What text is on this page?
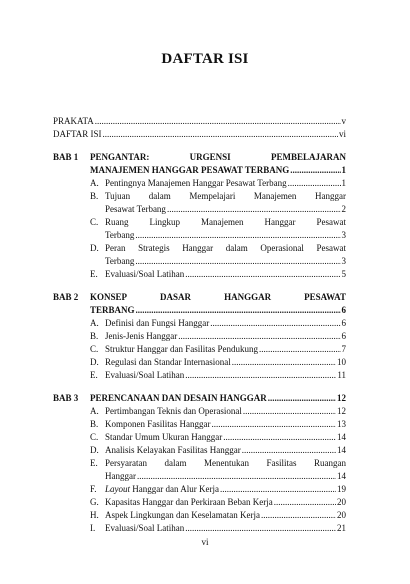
DAFTAR ISI
PRAKATA .....	v
DAFTAR ISI .....	vi
BAB 1	PENGANTAR:	URGENSI	PEMBELAJARAN
MANAJEMEN HANGGAR PESAWAT TERBANG .....	1
A. Pentingnya Manajemen Hanggar Pesawat Terbang .....	1
B. Tujuan dalam Mempelajari Manajemen Hanggar
Pesawat Terbang .....	2
C. Ruang Lingkup Manajemen Hanggar Pesawat
Terbang .....	3
D. Peran Strategis Hanggar dalam Operasional Pesawat
Terbang .....	3
E. Evaluasi/Soal Latihan .....	5
BAB 2	KONSEP	DASAR	HANGGAR	PESAWAT
TERBANG .....	6
A. Definisi dan Fungsi Hanggar .....	6
B. Jenis-Jenis Hanggar .....	6
C. Struktur Hanggar dan Fasilitas Pendukung .....	7
D. Regulasi dan Standar Internasional .....	10
E. Evaluasi/Soal Latihan .....	11
BAB 3	PERENCANAAN DAN DESAIN HANGGAR .....	12
A. Pertimbangan Teknis dan Operasional .....	12
B. Komponen Fasilitas Hanggar .....	13
C. Standar Umum Ukuran Hanggar .....	14
D. Analisis Kelayakan Fasilitas Hanggar .....	14
E. Persyaratan dalam Menentukan Fasilitas Ruangan
Hanggar .....	14
F. Layout Hanggar dan Alur Kerja .....	19
G. Kapasitas Hanggar dan Perkiraan Beban Kerja .....	20
H. Aspek Lingkungan dan Keselamatan Kerja .....	20
I.	Evaluasi/Soal Latihan .....	21
vi
